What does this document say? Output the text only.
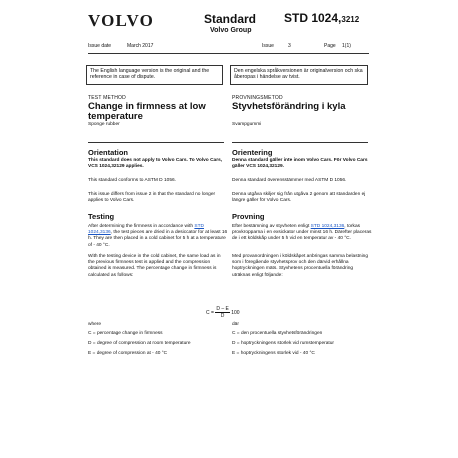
VOLVO	Standard
Volvo Group
STD 1024,3212
Issue date	March 2017	Issue	3	Page 1(1)
The English language version is the original and the reference in case of dispute.
Den engelska språkversionen är originalversion och ska åberopas i händelse av tvist.
TEST METHOD
Change in firmness at low temperature
Sponge rubber
Orientation
This standard does not apply to Volvo Cars. To Volvo Cars, VCS 1024,32129 applies.
This standard conforms to ASTM D 1056.
This issue differs from issue 2 in that the standard no longer applies to Volvo Cars.
Testing
After determining the firmness in accordance with STD 1024,3136, the test pieces are dried in a desiccator for at least 16 h. They are then placed in a cold cabinet for 5 h at a temperature of - 40 °C.
With the testing device in the cold cabinet, the same load as in the previous firmness test is applied and the compression obtained is measured. The percentage change in firmness is calculated as follows:
$C = \frac{D - E}{D} 100$
where
C = percentage change in firmness
D = degree of compression at room temperature
E = degree of compression at - 40 °C
PROVNINGSMETOD
Styvhetsförändring i kyla
Svampgummi
Orientering
Denna standard gäller inte inom Volvo Cars. För Volvo Cars gäller VCS 1024,32129.
Denna standard överensstämmer med ASTM D 1056.
Denna utgåva skiljer sig från utgåva 2 genom att standarden ej längre gäller för Volvo Cars.
Provning
Efter bestämning av styvheten enligt STD 1024,3136, torkas provkropparna i en exsickator under minst 16 h. Därefter placeras de i ett köldskåp under 5 h vid en temperatur av - 40 °C.
Med provanordningen i köldskåpet anbringas samma belastning som i föregående styvhetsprov och den därvid erhållna hoptryckningen mäts. Styvhetens procentuella förändring uträknas enligt följande:
där
C = den procentuella styvhetsförändringen
D = hoptryckningens storlek vid rumstemperatur
E = hoptryckningens storlek vid - 40 °C
